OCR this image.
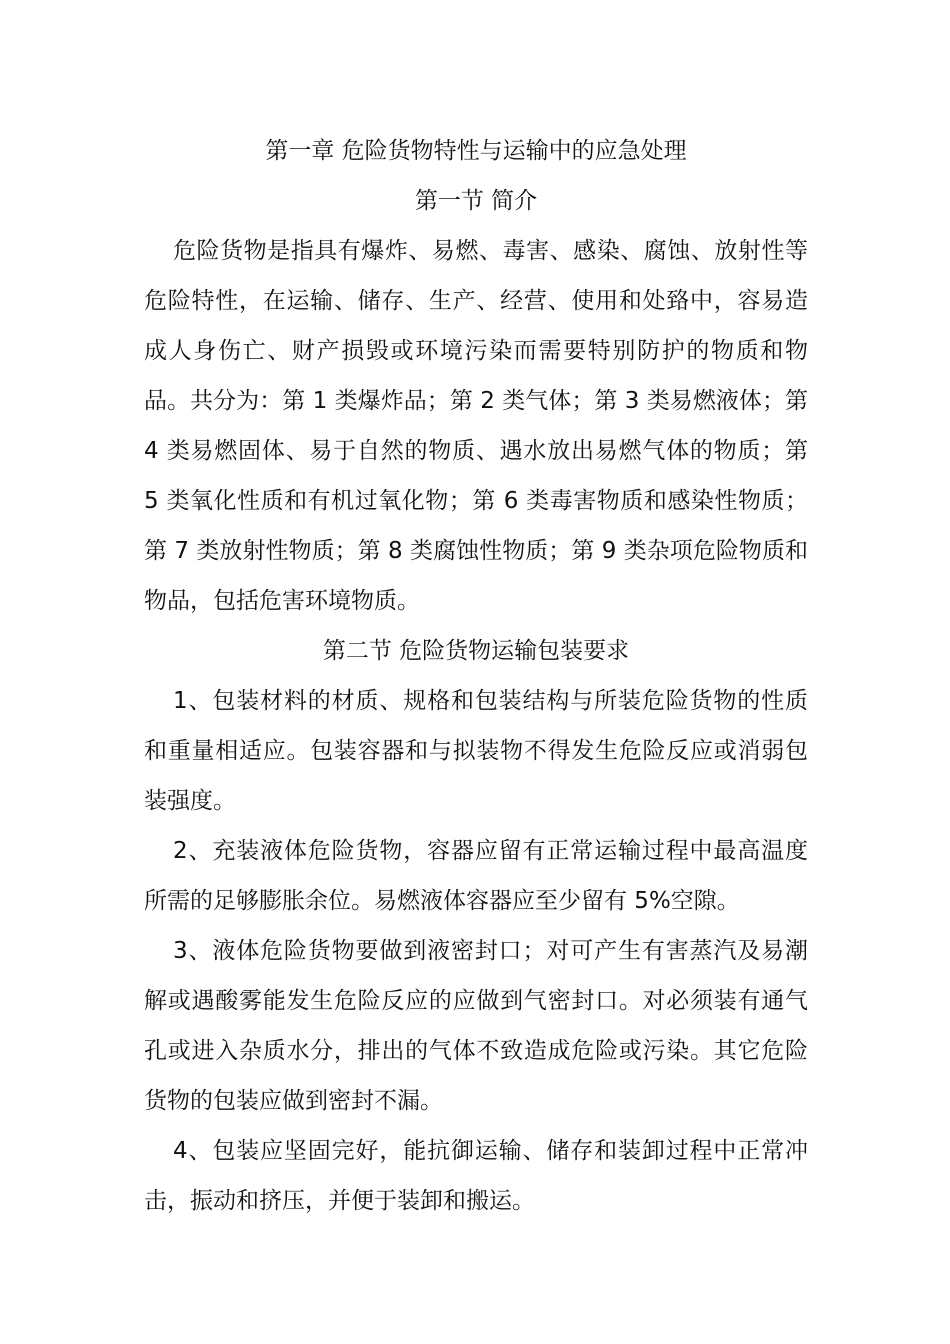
第一章 危险货物特性与运输中的应急处理

第一节 简介

危险货物是指具有爆炸、易燃、毒害、感染、腐蚀、放射性等危险特性，在运输、储存、生产、经营、使用和处臵中，容易造成人身伤亡、财产损毁或环境污染而需要特别防护的物质和物品。共分为：第 1 类爆炸品；第 2 类气体；第 3 类易燃液体；第 4 类易燃固体、易于自然的物质、遇水放出易燃气体的物质；第 5 类氧化性质和有机过氧化物；第 6 类毒害物质和感染性物质；第 7 类放射性物质；第 8 类腐蚀性物质；第 9 类杂项危险物质和物品，包括危害环境物质。

第二节 危险货物运输包装要求

1、包装材料的材质、规格和包装结构与所装危险货物的性质和重量相适应。包装容器和与拟装物不得发生危险反应或消弱包装强度。

2、充装液体危险货物，容器应留有正常运输过程中最高温度所需的足够膨胀余位。易燃液体容器应至少留有 5%空隙。

3、液体危险货物要做到液密封口；对可产生有害蒸汽及易潮解或遇酸雾能发生危险反应的应做到气密封口。对必须装有通气孔或进入杂质水分，排出的气体不致造成危险或污染。其它危险货物的包装应做到密封不漏。

4、包装应坚固完好，能抗御运输、储存和装卸过程中正常冲击，振动和挤压，并便于装卸和搬运。
